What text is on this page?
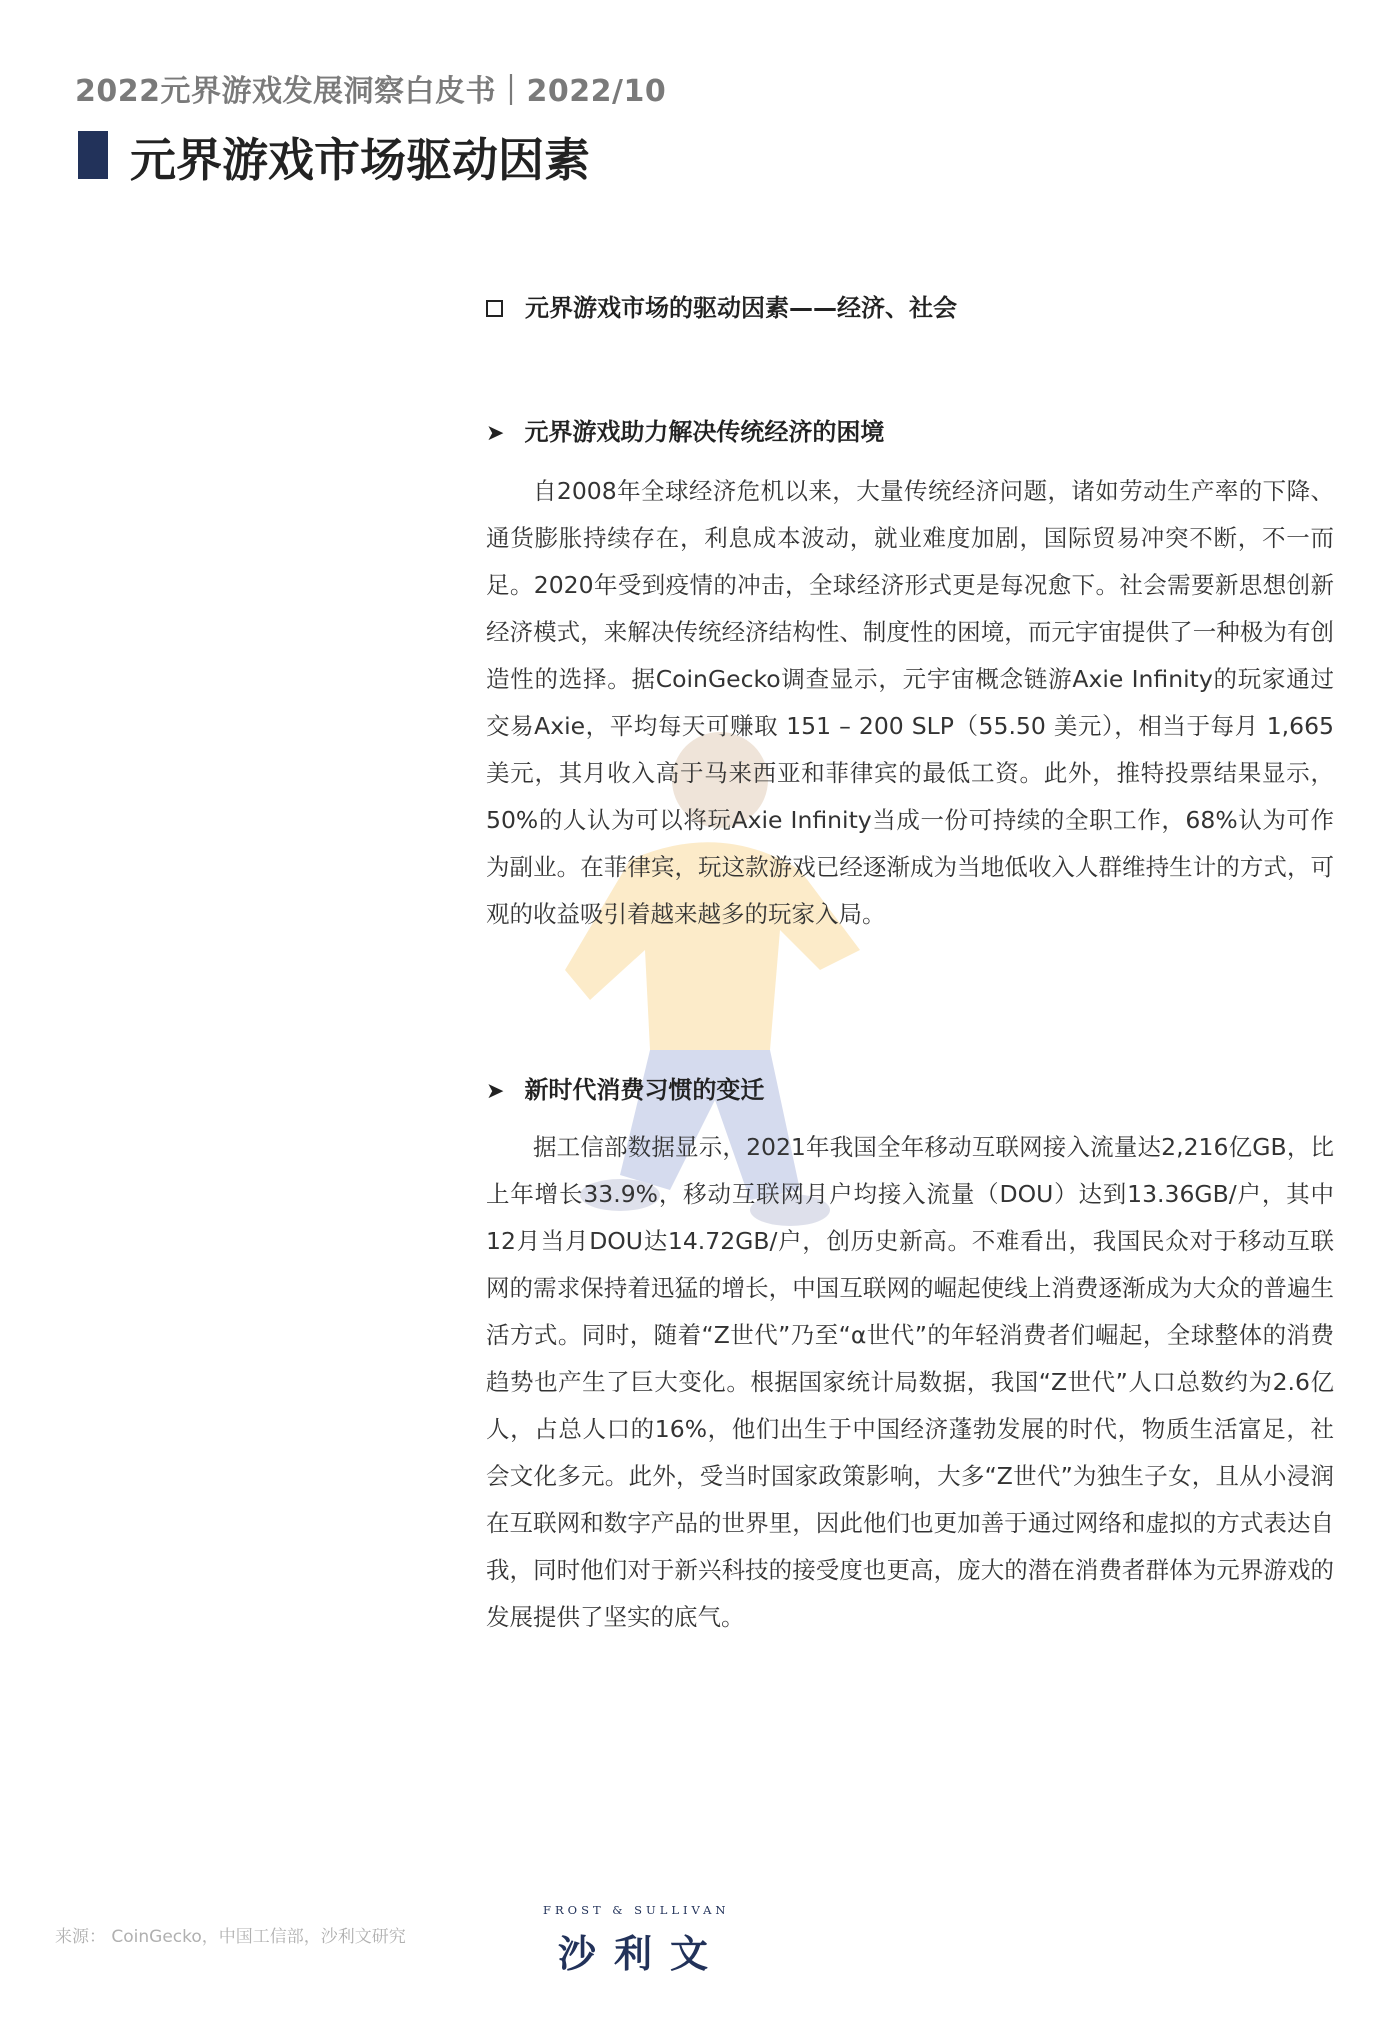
2022元界游戏发展洞察白皮书｜2022/10
元界游戏市场驱动因素
元界游戏市场的驱动因素——经济、社会
➤ 元界游戏助力解决传统经济的困境

自2008年全球经济危机以来，大量传统经济问题，诸如劳动生产率的下降、通货膨胀持续存在，利息成本波动，就业难度加剧，国际贸易冲突不断，不一而足。2020年受到疫情的冲击，全球经济形式更是每况愈下。社会需要新思想创新经济模式，来解决传统经济结构性、制度性的困境，而元宇宙提供了一种极为有创造性的选择。据CoinGecko调查显示，元宇宙概念链游Axie Infinity的玩家通过交易Axie，平均每天可赚取 151 – 200 SLP（55.50 美元），相当于每月 1,665 美元，其月收入高于马来西亚和菲律宾的最低工资。此外，推特投票结果显示，50%的人认为可以将玩Axie Infinity当成一份可持续的全职工作，68%认为可作为副业。在菲律宾，玩这款游戏已经逐渐成为当地低收入人群维持生计的方式，可观的收益吸引着越来越多的玩家入局。

➤ 新时代消费习惯的变迁

据工信部数据显示，2021年我国全年移动互联网接入流量达2,216亿GB，比上年增长33.9%，移动互联网月户均接入流量（DOU）达到13.36GB/户，其中12月当月DOU达14.72GB/户，创历史新高。不难看出，我国民众对于移动互联网的需求保持着迅猛的增长，中国互联网的崛起使线上消费逐渐成为大众的普遍生活方式。同时，随着“Z世代”乃至“α世代”的年轻消费者们崛起，全球整体的消费趋势也产生了巨大变化。根据国家统计局数据，我国“Z世代”人口总数约为2.6亿人，占总人口的16%，他们出生于中国经济蓬勃发展的时代，物质生活富足，社会文化多元。此外，受当时国家政策影响，大多“Z世代”为独生子女，且从小浸润在互联网和数字产品的世界里，因此他们也更加善于通过网络和虚拟的方式表达自我，同时他们对于新兴科技的接受度也更高，庞大的潜在消费者群体为元界游戏的发展提供了坚实的底气。

来源： CoinGecko，中国工信部，沙利文研究
FROST & SULLIVAN
沙利文
